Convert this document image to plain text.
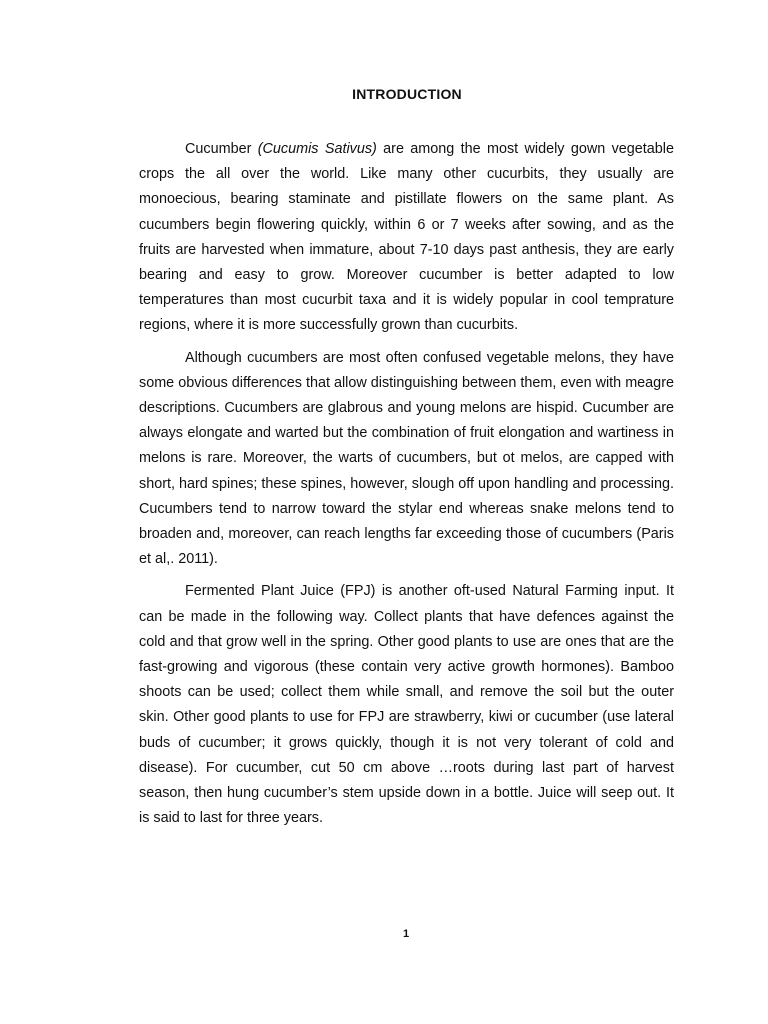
INTRODUCTION

Cucumber (Cucumis Sativus) are among the most widely gown vegetable crops the all over the world. Like many other cucurbits, they usually are monoecious, bearing staminate and pistillate flowers on the same plant. As cucumbers begin flowering quickly, within 6 or 7 weeks after sowing, and as the fruits are harvested when immature, about 7-10 days past anthesis, they are early bearing and easy to grow. Moreover cucumber is better adapted to low temperatures than most cucurbit taxa and it is widely popular in cool temprature regions, where it is more successfully grown than cucurbits.

Although cucumbers are most often confused vegetable melons, they have some obvious differences that allow distinguishing between them, even with meagre descriptions. Cucumbers are glabrous and young melons are hispid. Cucumber are always elongate and warted but the combination of fruit elongation and wartiness in melons is rare. Moreover, the warts of cucumbers, but ot melos, are capped with short, hard spines; these spines, however, slough off upon handling and processing. Cucumbers tend to narrow toward the stylar end whereas snake melons tend to broaden and, moreover, can reach lengths far exceeding those of cucumbers (Paris et al,. 2011).

Fermented Plant Juice (FPJ) is another oft-used Natural Farming input. It can be made in the following way. Collect plants that have defences against the cold and that grow well in the spring. Other good plants to use are ones that are the fast-growing and vigorous (these contain very active growth hormones). Bamboo shoots can be used; collect them while small, and remove the soil but the outer skin. Other good plants to use for FPJ are strawberry, kiwi or cucumber (use lateral buds of cucumber; it grows quickly, though it is not very tolerant of cold and disease). For cucumber, cut 50 cm above …roots during last part of harvest season, then hung cucumber’s stem upside down in a bottle. Juice will seep out. It is said to last for three years.

1
